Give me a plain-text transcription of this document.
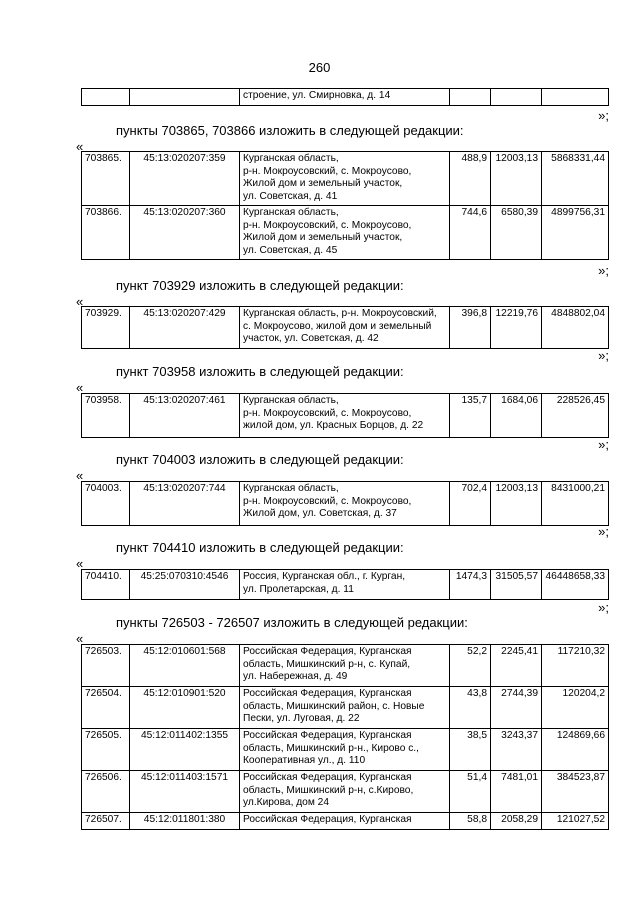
260
		строение, ул. Смирновка, д. 14			
»;
пункты 703865, 703866 изложить в следующей редакции:
«
703865.	45:13:020207:359	Курганская область,
р-н. Мокроусовский, с. Мокроусово,
Жилой дом и земельный участок,
ул. Советская, д. 41	488,9	12003,13	5868331,44
703866.	45:13:020207:360	Курганская область,
р-н. Мокроусовский, с. Мокроусово,
Жилой дом и земельный участок,
ул. Советская, д. 45	744,6	6580,39	4899756,31
»;
пункт 703929 изложить в следующей редакции:
«
703929.	45:13:020207:429	Курганская область, р-н. Мокроусовский,
с. Мокроусово, жилой дом и земельный
участок, ул. Советская, д. 42
	396,8	12219,76	4848802,04
»;
пункт 703958 изложить в следующей редакции:
«
703958.	45:13:020207:461	Курганская область,
р-н. Мокроусовский, с. Мокроусово,
жилой дом, ул. Красных Борцов, д. 22
	135,7	1684,06	228526,45
»;
пункт 704003 изложить в следующей редакции:
«
704003.	45:13:020207:744	Курганская область,
р-н. Мокроусовский, с. Мокроусово,
Жилой дом, ул. Советская, д. 37
	702,4	12003,13	8431000,21
»;
пункт 704410 изложить в следующей редакции:
«
704410.	45:25:070310:4546	Россия, Курганская обл., г. Курган,
ул. Пролетарская, д. 11
	1474,3	31505,57	46448658,33
»;
пункты 726503 - 726507 изложить в следующей редакции:
«
726503.	45:12:010601:568	Российская Федерация, Курганская
область, Мишкинский р-н, с. Купай,
ул. Набережная, д. 49	52,2	2245,41	117210,32
726504.	45:12:010901:520	Российская Федерация, Курганская
область, Мишкинский район, с. Новые
Пески, ул. Луговая, д. 22	43,8	2744,39	120204,2
726505.	45:12:011402:1355	Российская Федерация, Курганская
область, Мишкинский р-н., Кирово с.,
Кооперативная ул., д. 110	38,5	3243,37	124869,66
726506.	45:12:011403:1571	Российская Федерация, Курганская
область, Мишкинский р-н, с.Кирово,
ул.Кирова, дом 24	51,4	7481,01	384523,87
726507.	45:12:011801:380	Российская Федерация, Курганская	58,8	2058,29	121027,52
